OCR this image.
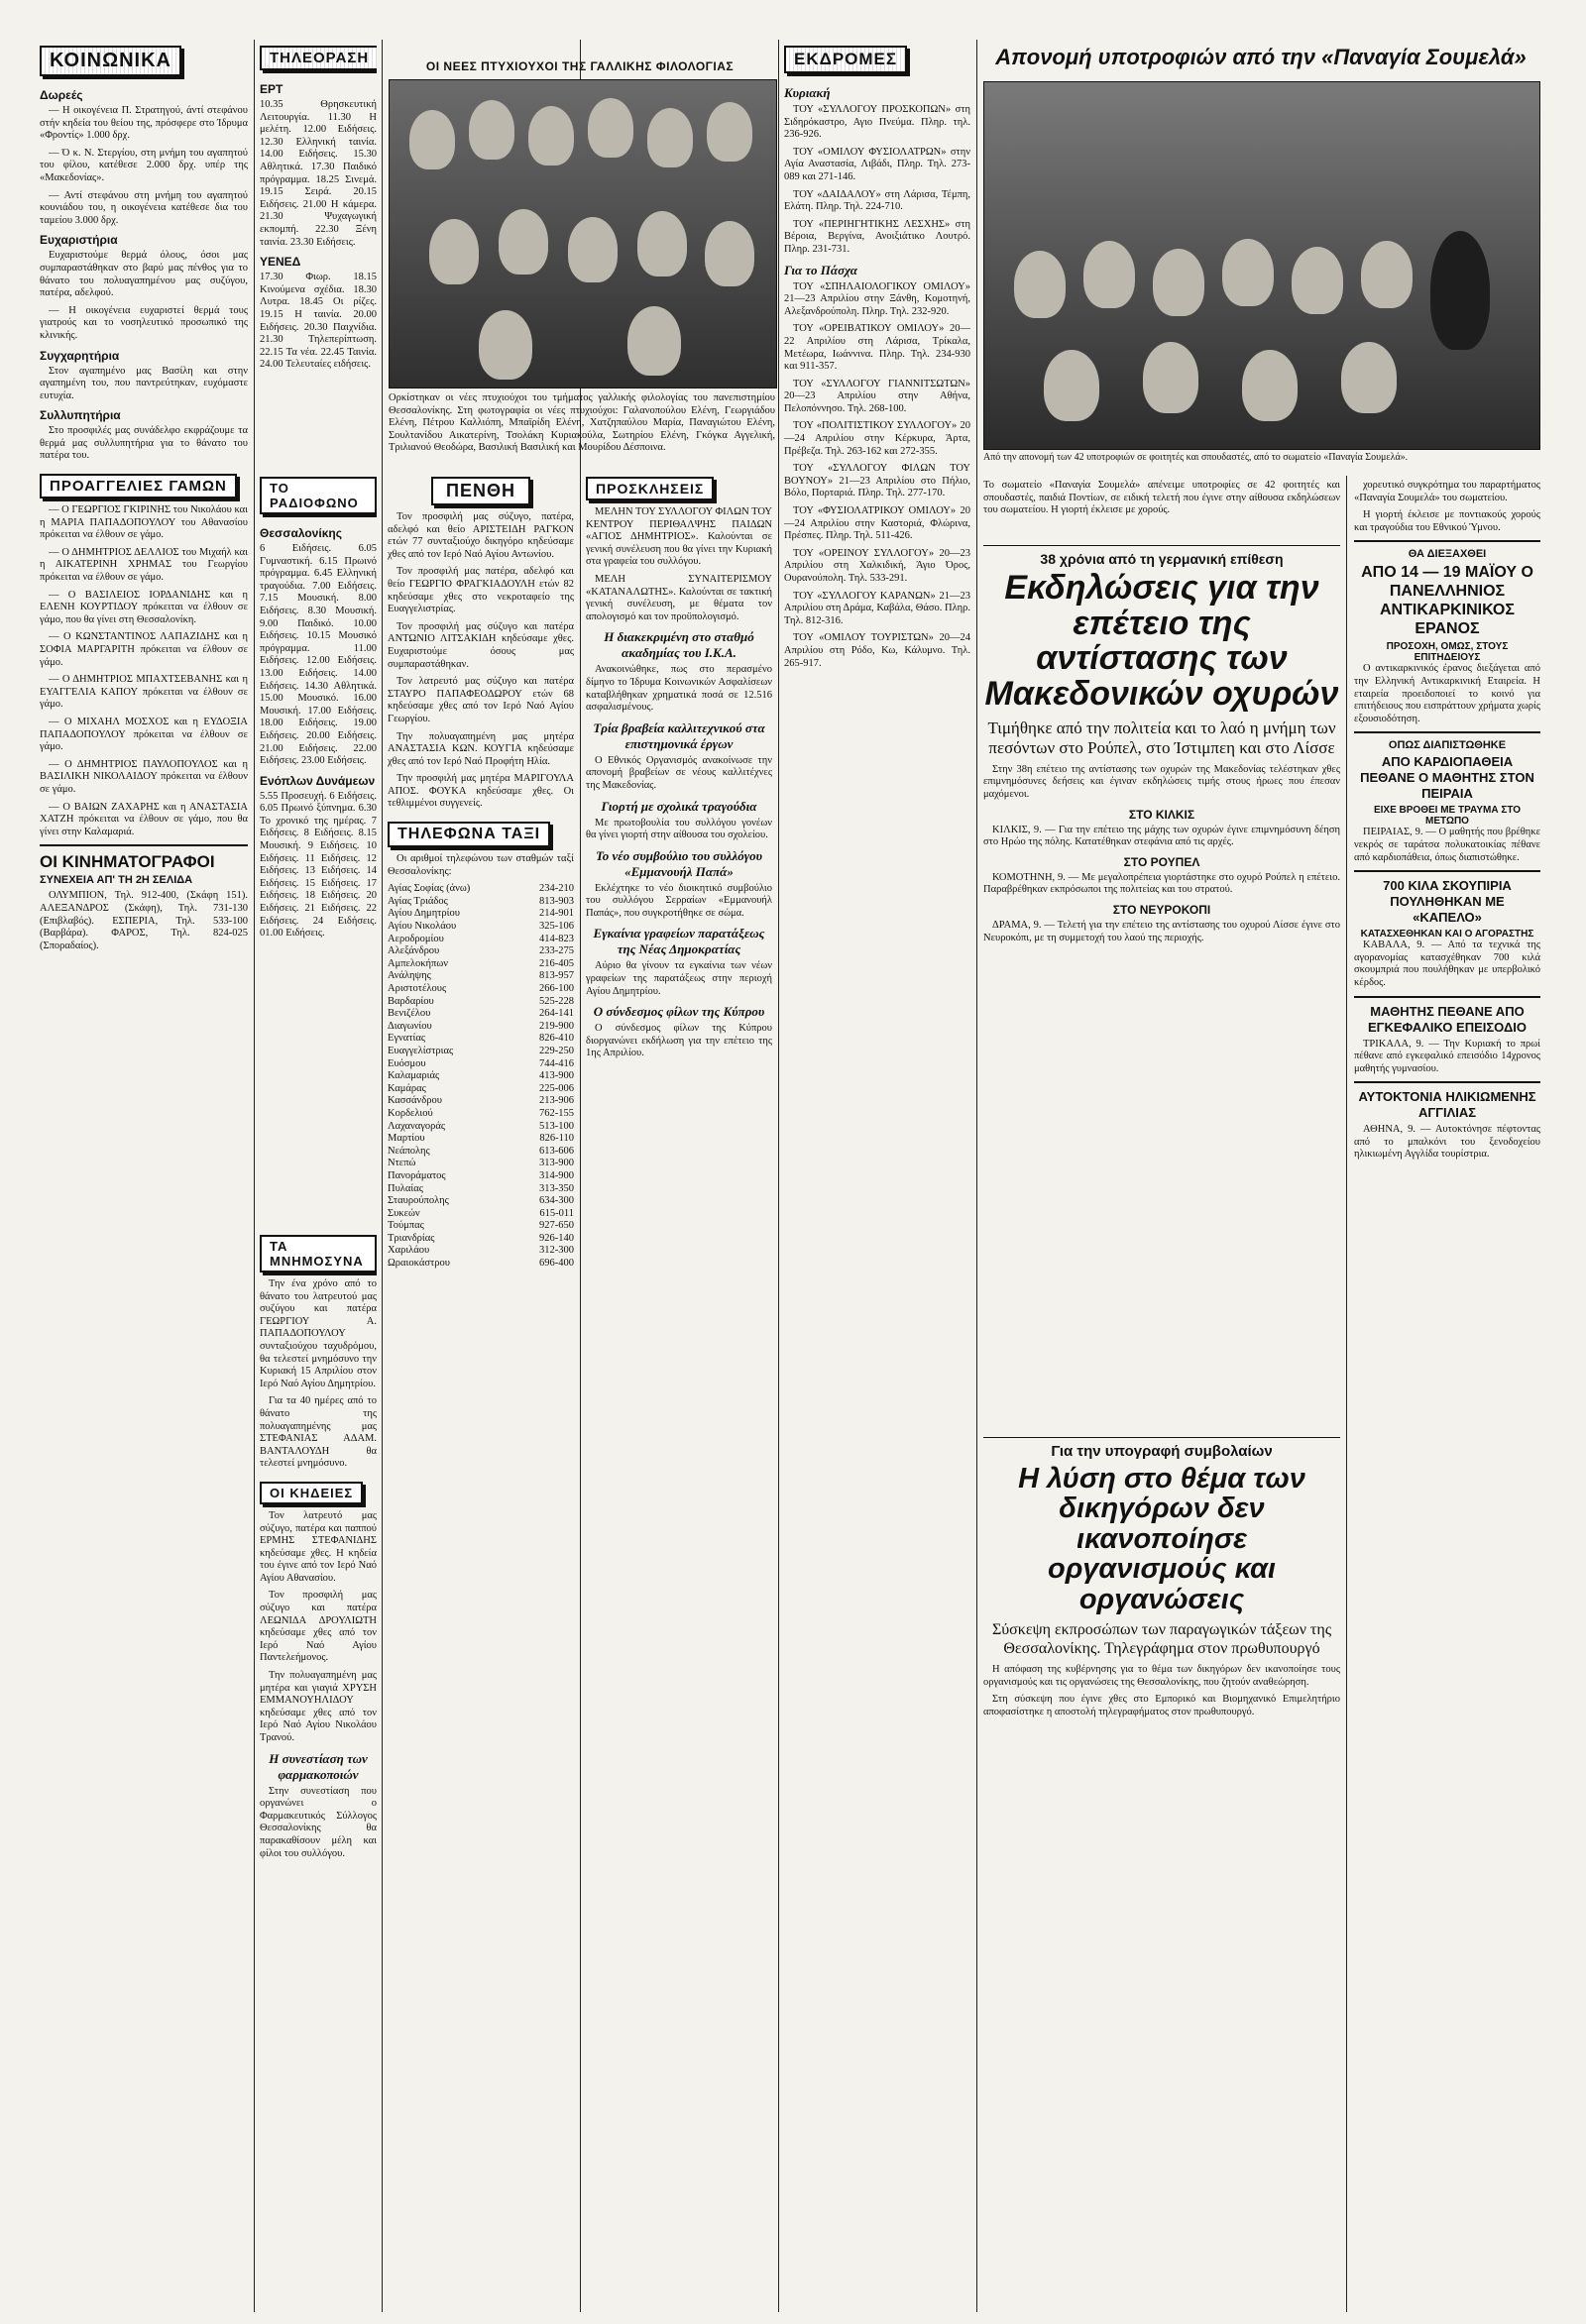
ΚΟΙΝΩΝΙΚΑ
Δωρεές

— Η οικογένεια Π. Στρατηγού, άντί στεφάνου στήν κηδεία του θείου της, πρόσφερε στο Ίδρυμα «Φροντίς» 1.000 δρχ.

— Ό κ. Ν. Στεργίου, στη μνήμη του αγαπητού του φίλου, κατέθεσε 2.000 δρχ. υπέρ της «Μακεδονίας».

— Αντί στεφάνου στη μνήμη του αγαπητού κουνιάδου του, η οικογένεια κατέθεσε δια του ταμείου 3.000 δρχ.

Ευχαριστήρια

Ευχαριστούμε θερμά όλους, όσοι μας συμπαραστάθηκαν στο βαρύ μας πένθος για το θάνατο του πολυαγαπημένου μας συζύγου, πατέρα, αδελφού.

— Η οικογένεια ευχαριστεί θερμά τους γιατρούς και το νοσηλευτικό προσωπικό της κλινικής.

Συγχαρητήρια

Στον αγαπημένο μας Βασίλη και στην αγαπημένη του, που παντρεύτηκαν, ευχόμαστε ευτυχία.

Συλλυπητήρια

Στο προσφιλές μας συνάδελφο εκφράζουμε τα θερμά μας συλλυπητήρια για το θάνατο του πατέρα του.

ΠΡΟΑΓΓΕΛΙΕΣ ΓΑΜΩΝ

— Ο ΓΕΩΡΓΙΟΣ ΓΚΙΡΙΝΗΣ του Νικολάου και η ΜΑΡΙΑ ΠΑΠΑΔΟΠΟΥΛΟΥ του Αθανασίου πρόκειται να έλθουν σε γάμο.

— Ο ΔΗΜΗΤΡΙΟΣ ΔΕΛΛΙΟΣ του Μιχαήλ και η ΑΙΚΑΤΕΡΙΝΗ ΧΡΗΜΑΣ του Γεωργίου πρόκειται να έλθουν σε γάμο.

— Ο ΒΑΣΙΛΕΙΟΣ ΙΟΡΔΑΝΙΔΗΣ και η ΕΛΕΝΗ ΚΟΥΡΤΙΔΟΥ πρόκειται να έλθουν σε γάμο, που θα γίνει στη Θεσσαλονίκη.

— Ο ΚΩΝΣΤΑΝΤΙΝΟΣ ΛΑΠΑΖΙΔΗΣ και η ΣΟΦΙΑ ΜΑΡΓΑΡΙΤΗ πρόκειται να έλθουν σε γάμο.

— Ο ΔΗΜΗΤΡΙΟΣ ΜΠΑΧΤΣΕΒΑΝΗΣ και η ΕΥΑΓΓΕΛΙΑ ΚΑΠΟΥ πρόκειται να έλθουν σε γάμο.

— Ο ΜΙΧΑΗΛ ΜΟΣΧΟΣ και η ΕΥΔΟΞΙΑ ΠΑΠΑΔΟΠΟΥΛΟΥ πρόκειται να έλθουν σε γάμο.

— Ο ΔΗΜΗΤΡΙΟΣ ΠΑΥΛΟΠΟΥΛΟΣ και η ΒΑΣΙΛΙΚΗ ΝΙΚΟΛΑΙΔΟΥ πρόκειται να έλθουν σε γάμο.

— Ο ΒΑΙΩΝ ΖΑΧΑΡΗΣ και η ΑΝΑΣΤΑΣΙΑ ΧΑΤΖΗ πρόκειται να έλθουν σε γάμο, που θα γίνει στην Καλαμαριά.

ΟΙ ΚΙΝΗΜΑΤΟΓΡΑΦΟΙ
ΣΥΝΕΧΕΙΑ ΑΠ' ΤΗ 2Η ΣΕΛΙΔΑ

ΟΛΥΜΠΙΟΝ, Τηλ. 912-400, (Σκάφη 151). ΑΛΕΞΑΝΔΡΟΣ (Σκάφη), Τηλ. 731-130 (Επιβλαβός). ΕΣΠΕΡΙΑ, Τηλ. 533-100 (Βαρβάρα). ΦΑΡΟΣ, Τηλ. 824-025 (Σποραδαίος).

ΤΗΛΕΟΡΑΣΗ
ΕΡΤ

10.35 Θρησκευτική Λειτουργία. 11.30 Η μελέτη. 12.00 Ειδήσεις. 12.30 Ελληνική ταινία. 14.00 Ειδήσεις. 15.30 Αθλητικά. 17.30 Παιδικό πρόγραμμα. 18.25 Σινεμά. 19.15 Σειρά. 20.15 Ειδήσεις. 21.00 Η κάμερα. 21.30 Ψυχαγωγική εκπομπή. 22.30 Ξένη ταινία. 23.30 Ειδήσεις.

ΥΕΝΕΔ

17.30 Φιωρ. 18.15 Κινούμενα σχέδια. 18.30 Λυτρα. 18.45 Οι ρίζες. 19.15 Η ταινία. 20.00 Ειδήσεις. 20.30 Παιχνίδια. 21.30 Τηλεπερίπτωση. 22.15 Τα νέα. 22.45 Ταινία. 24.00 Τελευταίες ειδήσεις.

ΟΙ ΝΕΕΣ ΠΤΥΧΙΟΥΧΟΙ ΤΗΣ ΓΑΛΛΙΚΗΣ ΦΙΛΟΛΟΓΙΑΣ
Ορκίστηκαν οι νέες πτυχιούχοι του τμήματος γαλλικής φιλολογίας του πανεπιστημίου Θεσσαλονίκης. Στη φωτογραφία οι νέες πτυχιούχοι: Γαλανοπούλου Ελένη, Γεωργιάδου Ελένη, Πέτρου Καλλιόπη, Μπαϊρίδη Ελένη, Χατζηπαύλου Μαρία, Παναγιώτου Ελένη, Σουλτανίδου Αικατερίνη, Τσολάκη Κυριακούλα, Σωτηρίου Ελένη, Γκόγκα Αγγελική, Τριλιανού Θεοδώρα, Βασιλική Βασιλική και Μουρίδου Δέσποινα.
ΤΟ ΡΑΔΙΟΦΩΝΟ
Θεσσαλονίκης

6 Ειδήσεις. 6.05 Γυμναστική. 6.15 Πρωινό πρόγραμμα. 6.45 Ελληνική τραγούδια. 7.00 Ειδήσεις. 7.15 Μουσική. 8.00 Ειδήσεις. 8.30 Μουσική. 9.00 Παιδικό. 10.00 Ειδήσεις. 10.15 Μουσικό πρόγραμμα. 11.00 Ειδήσεις. 12.00 Ειδήσεις. 13.00 Ειδήσεις. 14.00 Ειδήσεις. 14.30 Αθλητικά. 15.00 Μουσικό. 16.00 Μουσική. 17.00 Ειδήσεις. 18.00 Ειδήσεις. 19.00 Ειδήσεις. 20.00 Ειδήσεις. 21.00 Ειδήσεις. 22.00 Ειδήσεις. 23.00 Ειδήσεις.

Ενόπλων Δυνάμεων

5.55 Προσευχή. 6 Ειδήσεις. 6.05 Πρωινό ξύπνημα. 6.30 Το χρονικό της ημέρας. 7 Ειδήσεις. 8 Ειδήσεις. 8.15 Μουσική. 9 Ειδήσεις. 10 Ειδήσεις. 11 Ειδήσεις. 12 Ειδήσεις. 13 Ειδήσεις. 14 Ειδήσεις. 15 Ειδήσεις. 17 Ειδήσεις. 18 Ειδήσεις. 20 Ειδήσεις. 21 Ειδήσεις. 22 Ειδήσεις. 24 Ειδήσεις. 01.00 Ειδήσεις.

ΤΑ ΜΝΗΜΟΣΥΝΑ

Την ένα χρόνο από το θάνατο του λατρευτού μας συζύγου και πατέρα ΓΕΩΡΓΙΟΥ Α. ΠΑΠΑΔΟΠΟΥΛΟΥ συνταξιούχου ταχυδρόμου, θα τελεστεί μνημόσυνο την Κυριακή 15 Απριλίου στον Ιερό Ναό Αγίου Δημητρίου.

Για τα 40 ημέρες από το θάνατο της πολυαγαπημένης μας ΣΤΕΦΑΝΙΑΣ ΑΔΑΜ. ΒΑΝΤΑΛΟΥΔΗ θα τελεστεί μνημόσυνο.

ΟΙ ΚΗΔΕΙΕΣ

Τον λατρευτό μας σύζυγο, πατέρα και παππού ΕΡΜΗΣ ΣΤΕΦΑΝΙΔΗΣ κηδεύσαμε χθες. Η κηδεία του έγινε από τον Ιερό Ναό Αγίου Αθανασίου.

Τον προσφιλή μας σύζυγο και πατέρα ΛΕΩΝΙΔΑ ΔΡΟΥΛΙΩΤΗ κηδεύσαμε χθες από τον Ιερό Ναό Αγίου Παντελεήμονος.

Την πολυαγαπημένη μας μητέρα και γιαγιά ΧΡΥΣΗ ΕΜΜΑΝΟΥΗΛΙΔΟΥ κηδεύσαμε χθες από τον Ιερό Ναό Αγίου Νικολάου Τρανού.

Η συνεστίαση των φαρμακοποιών

Στην συνεστίαση που οργανώνει ο Φαρμακευτικός Σύλλογος Θεσσαλονίκης θα παρακαθίσουν μέλη και φίλοι του συλλόγου.

ΠΕΝΘΗ

Τον προσφιλή μας σύζυγο, πατέρα, αδελφό και θείο ΑΡΙΣΤΕΙΔΗ ΡΑΓΚΟΝ ετών 77 συνταξιούχο δικηγόρο κηδεύσαμε χθες από τον Ιερό Ναό Αγίου Αντωνίου.

Τον προσφιλή μας πατέρα, αδελφό και θείο ΓΕΩΡΓΙΟ ΦΡΑΓΚΙΑΔΟΥΛΗ ετών 82 κηδεύσαμε χθες στο νεκροταφείο της Ευαγγελιστρίας.

Τον προσφιλή μας σύζυγο και πατέρα ΑΝΤΩΝΙΟ ΛΙΤΣΑΚΙΔΗ κηδεύσαμε χθες. Ευχαριστούμε όσους μας συμπαραστάθηκαν.

Τον λατρευτό μας σύζυγο και πατέρα ΣΤΑΥΡΟ ΠΑΠΑΦΕΟΔΩΡΟΥ ετών 68 κηδεύσαμε χθες από τον Ιερό Ναό Αγίου Γεωργίου.

Την πολυαγαπημένη μας μητέρα ΑΝΑΣΤΑΣΙΑ ΚΩΝ. ΚΟΥΓΙΑ κηδεύσαμε χθες από τον Ιερό Ναό Προφήτη Ηλία.

Την προσφιλή μας μητέρα ΜΑΡΙΓΟΥΛΑ ΑΠΟΣ. ΦΟΥΚΑ κηδεύσαμε χθες. Οι τεθλιμμένοι συγγενείς.

ΤΗΛΕΦΩΝΑ ΤΑΞΙ

Οι αριθμοί τηλεφώνου των σταθμών ταξί Θεσσαλονίκης:

Αγίας Σοφίας (άνω)	234-210
Αγίας Τριάδος	813-903
Αγίου Δημητρίου	214-901
Αγίου Νικολάου	325-106
Αεροδρομίου	414-823
Αλεξάνδρου	233-275
Αμπελοκήπων	216-405
Ανάληψης	813-957
Αριστοτέλους	266-100
Βαρδαρίου	525-228
Βενιζέλου	264-141
Διαγωνίου	219-900
Εγνατίας	826-410
Ευαγγελίστριας	229-250
Ευόσμου	744-416
Καλαμαριάς	413-900
Καμάρας	225-006
Κασσάνδρου	213-906
Κορδελιού	762-155
Λαχαναγοράς	513-100
Μαρτίου	826-110
Νεάπολης	613-606
Ντεπώ	313-900
Πανοράματος	314-900
Πυλαίας	313-350
Σταυρούπολης	634-300
Συκεών	615-011
Τούμπας	927-650
Τριανδρίας	926-140
Χαριλάου	312-300
Ωραιοκάστρου	696-400
ΠΡΟΣΚΛΗΣΕΙΣ

ΜΕΛΗΝ ΤΟΥ ΣΥΛΛΟΓΟΥ ΦΙΛΩΝ ΤΟΥ ΚΕΝΤΡΟΥ ΠΕΡΙΘΑΛΨΗΣ ΠΑΙΔΩΝ «ΑΓΙΟΣ ΔΗΜΗΤΡΙΟΣ». Καλούνται σε γενική συνέλευση που θα γίνει την Κυριακή στα γραφεία του συλλόγου.

ΜΕΛΗ ΣΥΝΑΙΤΕΡΙΣΜΟΥ «ΚΑΤΑΝΑΛΩΤΗΣ». Καλούνται σε τακτική γενική συνέλευση, με θέματα τον απολογισμό και τον προϋπολογισμό.

Η διακεκριμένη στο σταθμό ακαδημίας του Ι.Κ.Α.

Ανακοινώθηκε, πως στο περασμένο δίμηνο το Ίδρυμα Κοινωνικών Ασφαλίσεων καταβλήθηκαν χρηματικά ποσά σε 12.516 ασφαλισμένους.

Τρία βραβεία καλλιτεχνικού στα επιστημονικά έργων

Ο Εθνικός Οργανισμός ανακοίνωσε την απονομή βραβείων σε νέους καλλιτέχνες της Μακεδονίας.

Γιορτή με σχολικά τραγούδια

Με πρωτοβουλία του συλλόγου γονέων θα γίνει γιορτή στην αίθουσα του σχολείου.

Το νέο συμβούλιο του συλλόγου «Εμμανουήλ Παπά»

Εκλέχτηκε το νέο διοικητικό συμβούλιο του συλλόγου Σερραίων «Εμμανουήλ Παπάς», που συγκροτήθηκε σε σώμα.

Εγκαίνια γραφείων παρατάξεως της Νέας Δημοκρατίας

Αύριο θα γίνουν τα εγκαίνια των νέων γραφείων της παρατάξεως στην περιοχή Αγίου Δημητρίου.

Ο σύνδεσμος φίλων της Κύπρου

Ο σύνδεσμος φίλων της Κύπρου διοργανώνει εκδήλωση για την επέτειο της 1ης Απριλίου.

ΕΚΔΡΟΜΕΣ
Κυριακή

ΤΟΥ «ΣΥΛΛΟΓΟΥ ΠΡΟΣΚΟΠΩΝ» στη Σιδηρόκαστρο, Αγιο Πνεύμα. Πληρ. τηλ. 236-926.

ΤΟΥ «ΟΜΙΛΟΥ ΦΥΣΙΟΛΑΤΡΩΝ» στην Αγία Αναστασία, Λιβάδι, Πληρ. Τηλ. 273-089 και 271-146.

ΤΟΥ «ΔΑΙΔΑΛΟΥ» στη Λάρισα, Τέμπη, Ελάτη. Πληρ. Τηλ. 224-710.

ΤΟΥ «ΠΕΡΙΗΓΗΤΙΚΗΣ ΛΕΣΧΗΣ» στη Βέροια, Βεργίνα, Ανοιξιάτικο Λουτρό. Πληρ. 231-731.

Για το Πάσχα

ΤΟΥ «ΣΠΗΛΑΙΟΛΟΓΙΚΟΥ ΟΜΙΛΟΥ» 21—23 Απριλίου στην Ξάνθη, Κομοτηνή, Αλεξανδρούπολη. Πληρ. Τηλ. 232-920.

ΤΟΥ «ΟΡΕΙΒΑΤΙΚΟΥ ΟΜΙΛΟΥ» 20—22 Απριλίου στη Λάρισα, Τρίκαλα, Μετέωρα, Ιωάννινα. Πληρ. Τηλ. 234-930 και 911-357.

ΤΟΥ «ΣΥΛΛΟΓΟΥ ΓΙΑΝΝΙΤΣΩΤΩΝ» 20—23 Απριλίου στην Αθήνα, Πελοπόννησο. Τηλ. 268-100.

ΤΟΥ «ΠΟΛΙΤΙΣΤΙΚΟΥ ΣΥΛΛΟΓΟΥ» 20—24 Απριλίου στην Κέρκυρα, Άρτα, Πρέβεζα. Τηλ. 263-162 και 272-355.

ΤΟΥ «ΣΥΛΛΟΓΟΥ ΦΙΛΩΝ ΤΟΥ ΒΟΥΝΟΥ» 21—23 Απριλίου στο Πήλιο, Βόλο, Πορταριά. Πληρ. Τηλ. 277-170.

ΤΟΥ «ΦΥΣΙΟΛΑΤΡΙΚΟΥ ΟΜΙΛΟΥ» 20—24 Απριλίου στην Καστοριά, Φλώρινα, Πρέσπες. Πληρ. Τηλ. 511-426.

ΤΟΥ «ΟΡΕΙΝΟΥ ΣΥΛΛΟΓΟΥ» 20—23 Απριλίου στη Χαλκιδική, Άγιο Όρος, Ουρανούπολη. Τηλ. 533-291.

ΤΟΥ «ΣΥΛΛΟΓΟΥ ΚΑΡΑΝΩΝ» 21—23 Απριλίου στη Δράμα, Καβάλα, Θάσο. Πληρ. Τηλ. 812-316.

ΤΟΥ «ΟΜΙΛΟΥ ΤΟΥΡΙΣΤΩΝ» 20—24 Απριλίου στη Ρόδο, Κω, Κάλυμνο. Τηλ. 265-917.

Απονομή υποτροφιών από την «Παναγία Σουμελά»
Από την απονομή των 42 υποτροφιών σε φοιτητές και σπουδαστές, από το σωματείο «Παναγία Σουμελά».
Το σωματείο «Παναγία Σουμελά» απένειμε υποτροφίες σε 42 φοιτητές και σπουδαστές, παιδιά Ποντίων, σε ειδική τελετή που έγινε στην αίθουσα εκδηλώσεων του σωματείου. Η γιορτή έκλεισε με χορούς.
38 χρόνια από τη γερμανική επίθεση
Εκδηλώσεις για την επέτειο της αντίστασης των Μακεδονικών οχυρών
Τιμήθηκε από την πολιτεία και το λαό η μνήμη των πεσόντων στο Ρούπελ, στο Ίστιμπεη και στο Λίσσε

Στην 38η επέτειο της αντίστασης των οχυρών της Μακεδονίας τελέστηκαν χθες επιμνημόσυνες δεήσεις και έγιναν εκδηλώσεις τιμής στους ήρωες που έπεσαν μαχόμενοι.

ΣΤΟ ΚΙΛΚΙΣ

ΚΙΛΚΙΣ, 9. — Για την επέτειο της μάχης των οχυρών έγινε επιμνημόσυνη δέηση στο Ηρώο της πόλης. Κατατέθηκαν στεφάνια από τις αρχές.

ΣΤΟ ΡΟΥΠΕΛ

ΚΟΜΟΤΗΝΗ, 9. — Με μεγαλοπρέπεια γιορτάστηκε στο οχυρό Ρούπελ η επέτειο. Παραβρέθηκαν εκπρόσωποι της πολιτείας και του στρατού.

ΣΤΟ ΝΕΥΡΟΚΟΠΙ

ΔΡΑΜΑ, 9. — Τελετή για την επέτειο της αντίστασης του οχυρού Λίσσε έγινε στο Νευροκόπι, με τη συμμετοχή του λαού της περιοχής.

Για την υπογραφή συμβολαίων
Η λύση στο θέμα των δικηγόρων δεν ικανοποίησε οργανισμούς και οργανώσεις
Σύσκεψη εκπροσώπων των παραγωγικών τάξεων της Θεσσαλονίκης. Τηλεγράφημα στον πρωθυπουργό

Η απόφαση της κυβέρνησης για το θέμα των δικηγόρων δεν ικανοποίησε τους οργανισμούς και τις οργανώσεις της Θεσσαλονίκης, που ζητούν αναθεώρηση.

Στη σύσκεψη που έγινε χθες στο Εμπορικό και Βιομηχανικό Επιμελητήριο αποφασίστηκε η αποστολή τηλεγραφήματος στον πρωθυπουργό.

χορευτικό συγκρότημα του παραρτήματος «Παναγία Σουμελά» του σωματείου.

Η γιορτή έκλεισε με ποντιακούς χορούς και τραγούδια του Εθνικού Ύμνου.

ΘΑ ΔΙΕΞΑΧΘΕΙ
ΑΠΟ 14 — 19 ΜΑΪΟΥ Ο ΠΑΝΕΛΛΗΝΙΟΣ ΑΝΤΙΚΑΡΚΙΝΙΚΟΣ ΕΡΑΝΟΣ
ΠΡΟΣΟΧΗ, ΟΜΩΣ, ΣΤΟΥΣ ΕΠΙΤΗΔΕΙΟΥΣ

Ο αντικαρκινικός έρανος διεξάγεται από την Ελληνική Αντικαρκινική Εταιρεία. Η εταιρεία προειδοποιεί το κοινό για επιτήδειους που εισπράττουν χρήματα χωρίς εξουσιοδότηση.

ΟΠΩΣ ΔΙΑΠΙΣΤΩΘΗΚΕ
ΑΠΟ ΚΑΡΔΙΟΠΑΘΕΙΑ ΠΕΘΑΝΕ Ο ΜΑΘΗΤΗΣ ΣΤΟΝ ΠΕΙΡΑΙΑ
ΕΙΧΕ ΒΡΟΘΕΙ ΜΕ ΤΡΑΥΜΑ ΣΤΟ ΜΕΤΩΠΟ

ΠΕΙΡΑΙΑΣ, 9. — Ο μαθητής που βρέθηκε νεκρός σε ταράτσα πολυκατοικίας πέθανε από καρδιοπάθεια, όπως διαπιστώθηκε.

700 ΚΙΛΑ ΣΚΟΥΠΙΡΙΑ ΠΟΥΛΗΘΗΚΑΝ ΜΕ «ΚΑΠΕΛΟ»
ΚΑΤΑΣΧΕΘΗΚΑΝ ΚΑΙ Ο ΑΓΟΡΑΣΤΗΣ

ΚΑΒΑΛΑ, 9. — Από τα τεχνικά της αγορανομίας κατασχέθηκαν 700 κιλά σκουμπριά που πουλήθηκαν με υπερβολικό κέρδος.

ΜΑΘΗΤΗΣ ΠΕΘΑΝΕ ΑΠΟ ΕΓΚΕΦΑΛΙΚΟ ΕΠΕΙΣΟΔΙΟ

ΤΡΙΚΑΛΑ, 9. — Την Κυριακή το πρωί πέθανε από εγκεφαλικό επεισόδιο 14χρονος μαθητής γυμνασίου.

ΑΥΤΟΚΤΟΝΙΑ ΗΛΙΚΙΩΜΕΝΗΣ ΑΓΓΙΛΙΑΣ

ΑΘΗΝΑ, 9. — Αυτοκτόνησε πέφτοντας από το μπαλκόνι του ξενοδοχείου ηλικιωμένη Αγγλίδα τουρίστρια.
